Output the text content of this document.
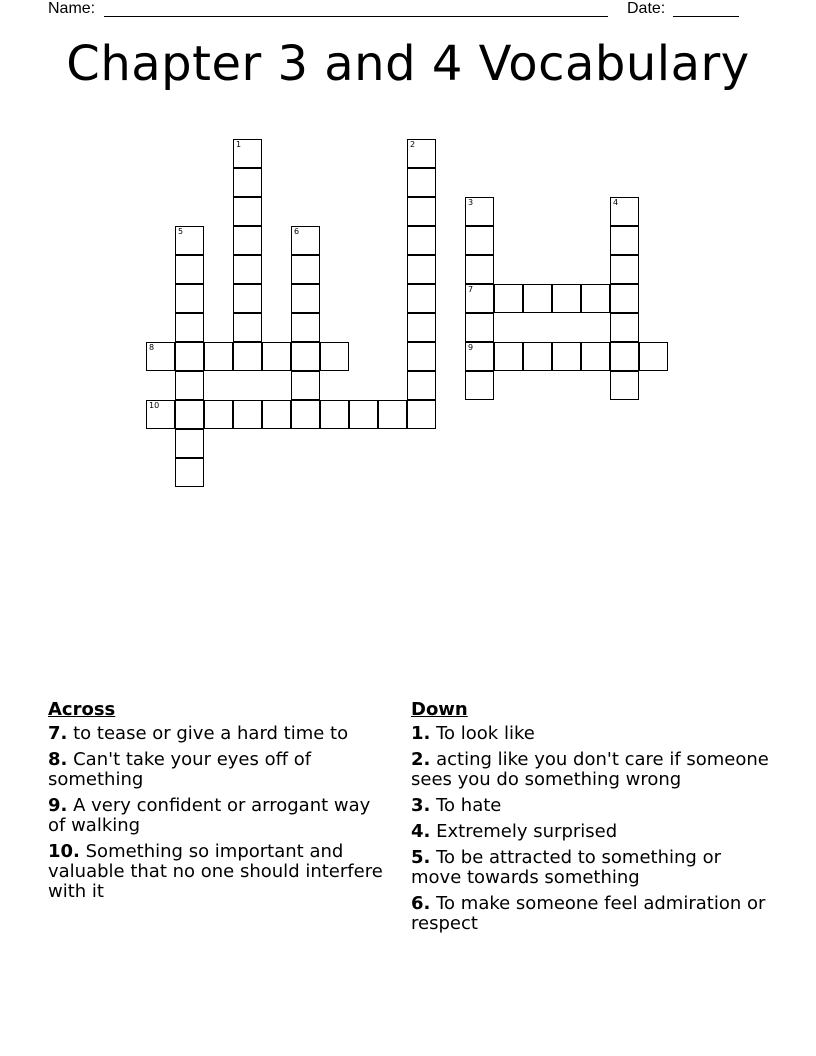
Name:	Date:
Chapter 3 and 4 Vocabulary
1	2
3
7
9
4
5	6
8
10
Across
7. to tease or give a hard time to
8. Can't take your eyes off of something
9. A very confident or arrogant way of walking
10. Something so important and valuable that no one should interfere with it
Down
1. To look like
2. acting like you don't care if someone sees you do something wrong
3. To hate
4. Extremely surprised
5. To be attracted to something or move towards something
6. To make someone feel admiration or respect
